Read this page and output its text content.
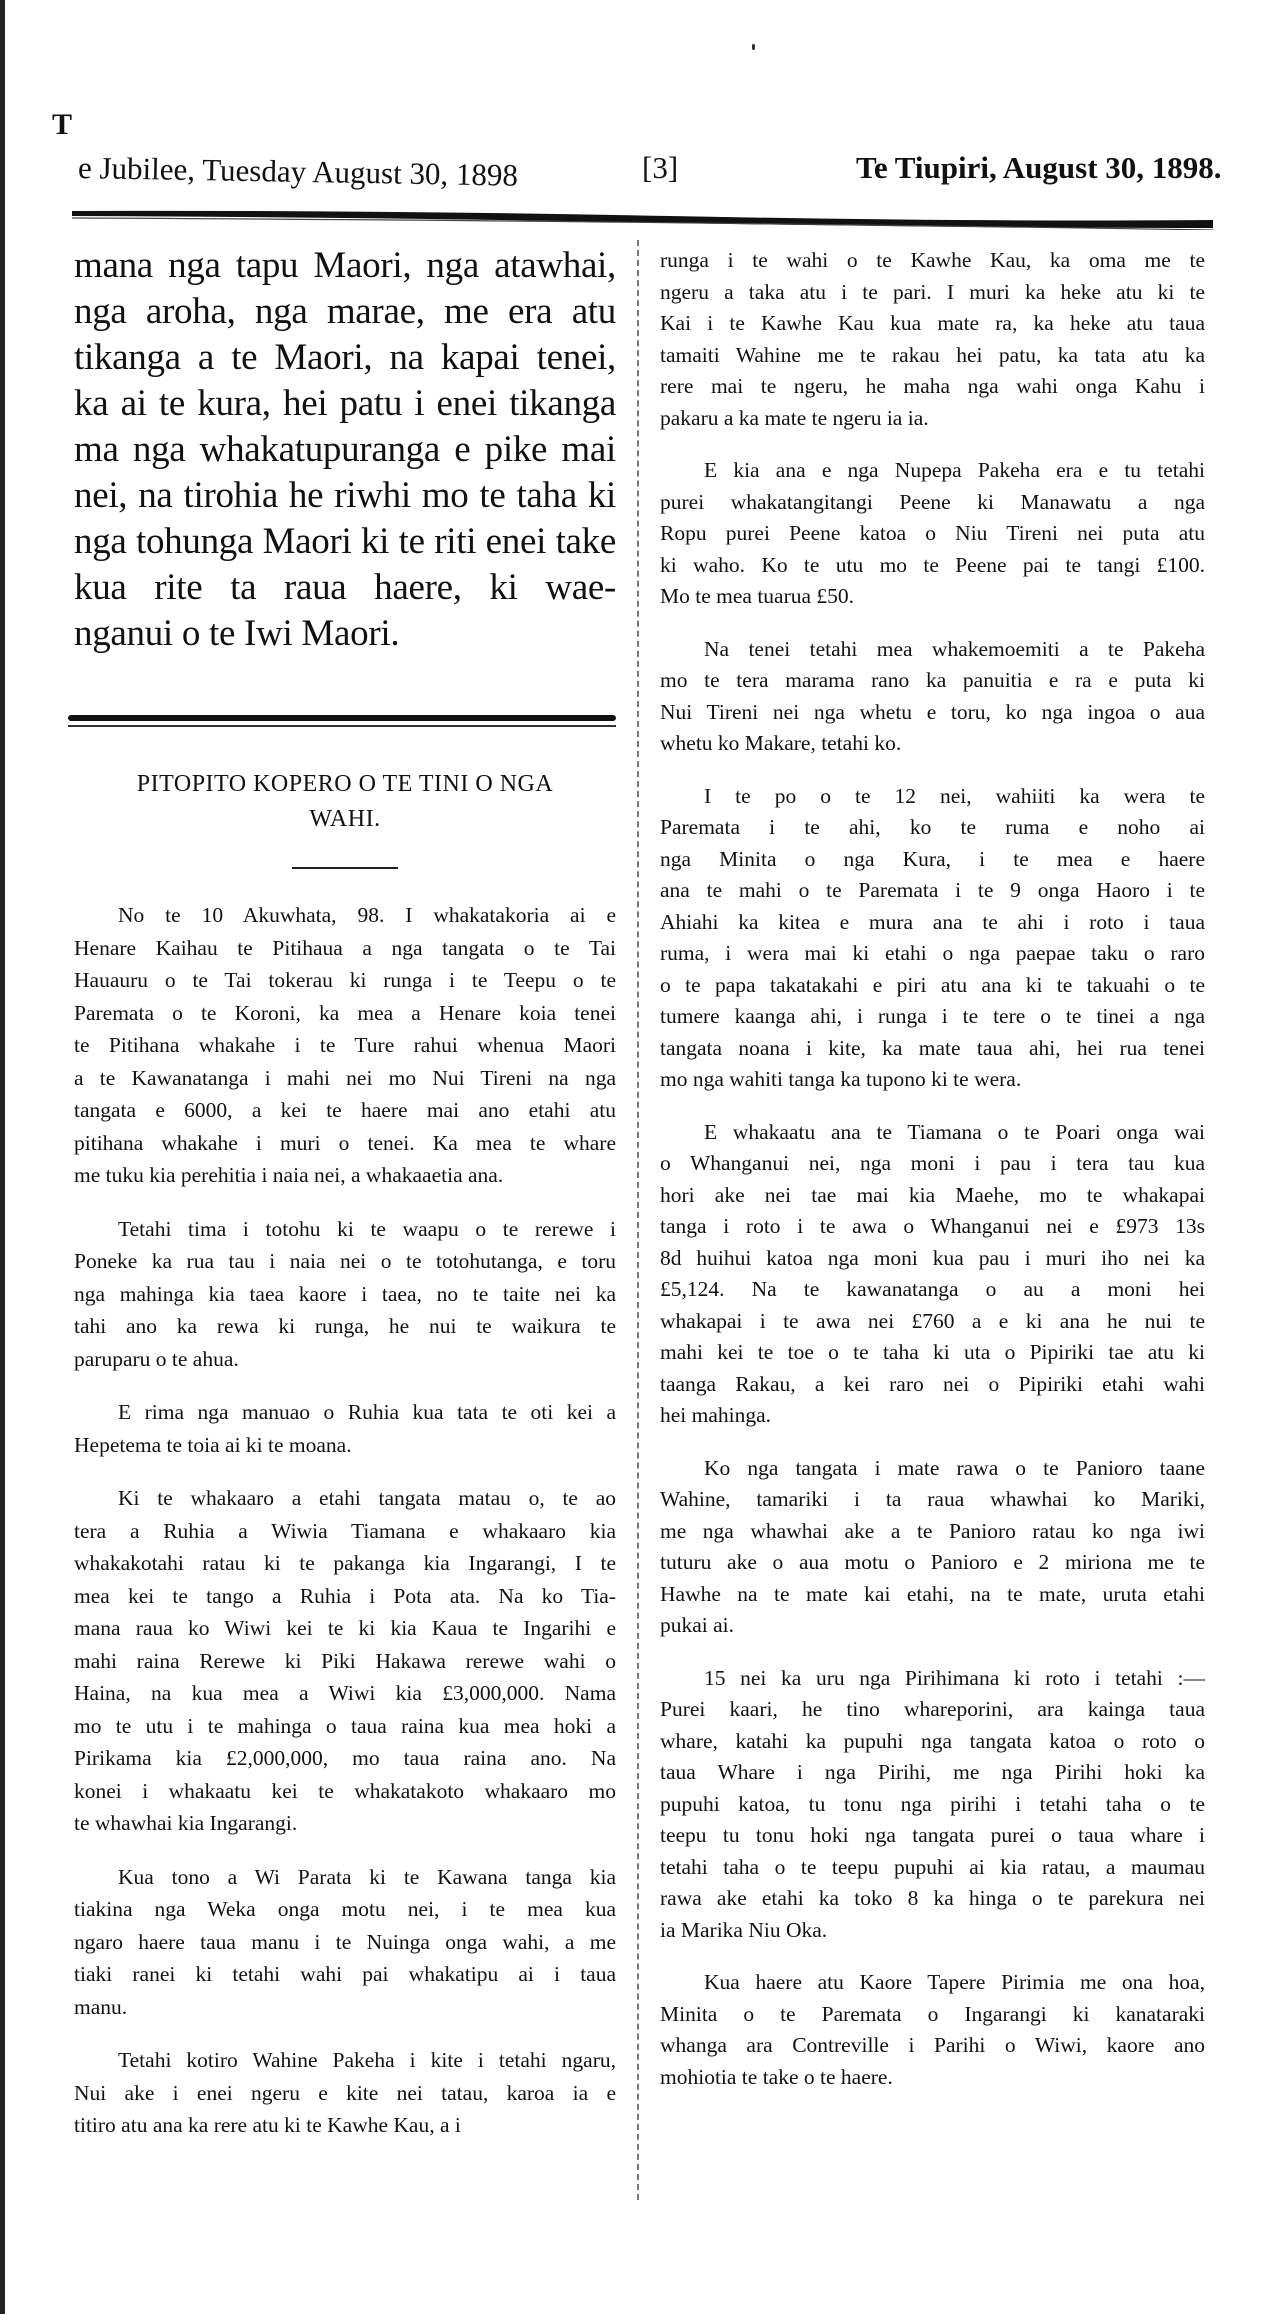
T
e Jubilee, Tuesday August 30, 1898	[3]	Te Tiupiri, August 30, 1898.
mana nga tapu Maori, nga atawhai,
nga aroha, nga marae, me era atu
tikanga a te Maori, na kapai tenei,
ka ai te kura, hei patu i enei tikanga
ma nga whakatupuranga e pike mai
nei, na tirohia he riwhi mo te taha ki
nga tohunga Maori ki te riti enei take
kua rite ta raua haere, ki wae-
nganui o te Iwi Maori.
PITOPITO KOPERO O TE TINI O NGA
WAHI.
No te 10 Akuwhata, 98. I whakatakoria ai e
Henare Kaihau te Pitihaua a nga tangata o te Tai
Hauauru o te Tai tokerau ki runga i te Teepu o te
Paremata o te Koroni, ka mea a Henare koia tenei
te Pitihana whakahe i te Ture rahui whenua Maori
a te Kawanatanga i mahi nei mo Nui Tireni na nga
tangata e 6000, a kei te haere mai ano etahi atu
pitihana whakahe i muri o tenei. Ka mea te whare
me tuku kia perehitia i naia nei, a whakaaetia ana.
Tetahi tima i totohu ki te waapu o te rerewe i
Poneke ka rua tau i naia nei o te totohutanga, e toru
nga mahinga kia taea kaore i taea, no te taite nei ka
tahi ano ka rewa ki runga, he nui te waikura te
paruparu o te ahua.
E rima nga manuao o Ruhia kua tata te oti kei a
Hepetema te toia ai ki te moana.
Ki te whakaaro a etahi tangata matau o, te ao
tera a Ruhia a Wiwia Tiamana e whakaaro kia
whakakotahi ratau ki te pakanga kia Ingarangi, I te
mea kei te tango a Ruhia i Pota ata. Na ko Tia-
mana raua ko Wiwi kei te ki kia Kaua te Ingarihi e
mahi raina Rerewe ki Piki Hakawa rerewe wahi o
Haina, na kua mea a Wiwi kia £3,000,000. Nama
mo te utu i te mahinga o taua raina kua mea hoki a
Pirikama kia £2,000,000, mo taua raina ano. Na
konei i whakaatu kei te whakatakoto whakaaro mo
te whawhai kia Ingarangi.
Kua tono a Wi Parata ki te Kawana tanga kia
tiakina nga Weka onga motu nei, i te mea kua
ngaro haere taua manu i te Nuinga onga wahi, a me
tiaki ranei ki tetahi wahi pai whakatipu ai i taua
manu.
Tetahi kotiro Wahine Pakeha i kite i tetahi ngaru,
Nui ake i enei ngeru e kite nei tatau, karoa ia e
titiro atu ana ka rere atu ki te Kawhe Kau, a i
runga i te wahi o te Kawhe Kau, ka oma me te
ngeru a taka atu i te pari. I muri ka heke atu ki te
Kai i te Kawhe Kau kua mate ra, ka heke atu taua
tamaiti Wahine me te rakau hei patu, ka tata atu ka
rere mai te ngeru, he maha nga wahi onga Kahu i
pakaru a ka mate te ngeru ia ia.
E kia ana e nga Nupepa Pakeha era e tu tetahi
purei whakatangitangi Peene ki Manawatu a nga
Ropu purei Peene katoa o Niu Tireni nei puta atu
ki waho. Ko te utu mo te Peene pai te tangi £100.
Mo te mea tuarua £50.
Na tenei tetahi mea whakemoemiti a te Pakeha
mo te tera marama rano ka panuitia e ra e puta ki
Nui Tireni nei nga whetu e toru, ko nga ingoa o aua
whetu ko Makare, tetahi ko.
I te po o te 12 nei, wahiiti ka wera te
Paremata i te ahi, ko te ruma e noho ai
nga Minita o nga Kura, i te mea e haere
ana te mahi o te Paremata i te 9 onga Haoro i te
Ahiahi ka kitea e mura ana te ahi i roto i taua
ruma, i wera mai ki etahi o nga paepae taku o raro
o te papa takatakahi e piri atu ana ki te takuahi o te
tumere kaanga ahi, i runga i te tere o te tinei a nga
tangata noana i kite, ka mate taua ahi, hei rua tenei
mo nga wahiti tanga ka tupono ki te wera.
E whakaatu ana te Tiamana o te Poari onga wai
o Whanganui nei, nga moni i pau i tera tau kua
hori ake nei tae mai kia Maehe, mo te whakapai
tanga i roto i te awa o Whanganui nei e £973 13s
8d huihui katoa nga moni kua pau i muri iho nei ka
£5,124. Na te kawanatanga o au a moni hei
whakapai i te awa nei £760 a e ki ana he nui te
mahi kei te toe o te taha ki uta o Pipiriki tae atu ki
taanga Rakau, a kei raro nei o Pipiriki etahi wahi
hei mahinga.
Ko nga tangata i mate rawa o te Panioro taane
Wahine, tamariki i ta raua whawhai ko Mariki,
me nga whawhai ake a te Panioro ratau ko nga iwi
tuturu ake o aua motu o Panioro e 2 miriona me te
Hawhe na te mate kai etahi, na te mate, uruta etahi
pukai ai.
15 nei ka uru nga Pirihimana ki roto i tetahi :—
Purei kaari, he tino whareporini, ara kainga taua
whare, katahi ka pupuhi nga tangata katoa o roto o
taua Whare i nga Pirihi, me nga Pirihi hoki ka
pupuhi katoa, tu tonu nga pirihi i tetahi taha o te
teepu tu tonu hoki nga tangata purei o taua whare i
tetahi taha o te teepu pupuhi ai kia ratau, a maumau
rawa ake etahi ka toko 8 ka hinga o te parekura nei
ia Marika Niu Oka.
Kua haere atu Kaore Tapere Pirimia me ona hoa,
Minita o te Paremata o Ingarangi ki kanataraki
whanga ara Contreville i Parihi o Wiwi, kaore ano
mohiotia te take o te haere.
